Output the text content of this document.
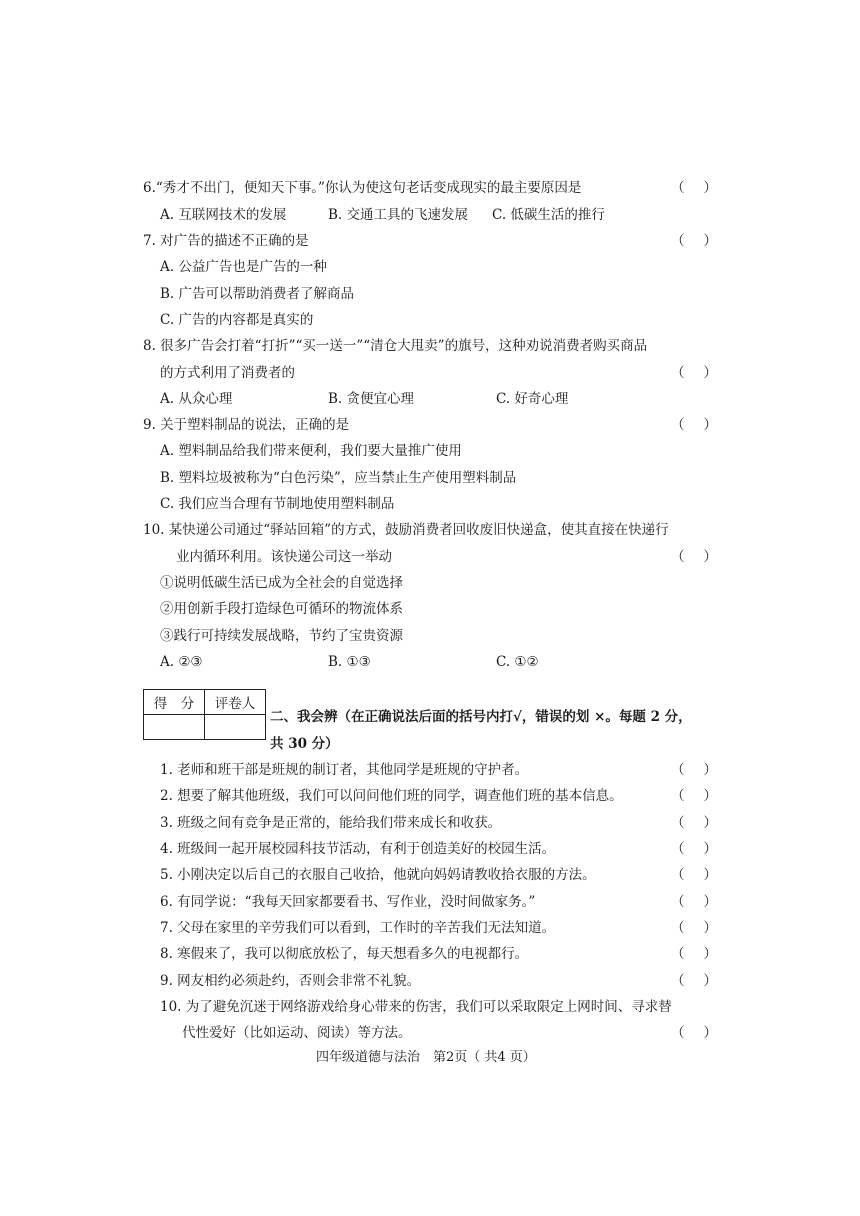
6.“秀才不出门，便知天下事。”你认为使这句老话变成现实的最主要原因是	（ ）
A. 互联网技术的发展	B. 交通工具的飞速发展 C. 低碳生活的推行
7. 对广告的描述不正确的是	（ ）
A. 公益广告也是广告的一种
B. 广告可以帮助消费者了解商品
C. 广告的内容都是真实的
8. 很多广告会打着“打折”“买一送一”“清仓大甩卖”的旗号，这种劝说消费者购买商品
的方式利用了消费者的	（ ）
A. 从众心理	B. 贪便宜心理	C. 好奇心理
9. 关于塑料制品的说法，正确的是	（ ）
A. 塑料制品给我们带来便利，我们要大量推广使用
B. 塑料垃圾被称为“白色污染”，应当禁止生产使用塑料制品
C. 我们应当合理有节制地使用塑料制品
10. 某快递公司通过“驿站回箱”的方式，鼓励消费者回收废旧快递盒，使其直接在快递行
业内循环利用。该快递公司这一举动	（ ）
①说明低碳生活已成为全社会的自觉选择
②用创新手段打造绿色可循环的物流体系
③践行可持续发展战略，节约了宝贵资源
A. ②③	B. ①③	C. ①②
得　分	评卷人

二、我会辨（在正确说法后面的括号内打√，错误的划 ×。每题 2 分，
共 30 分）
1. 老师和班干部是班规的制订者，其他同学是班规的守护者。	（ ）
2. 想要了解其他班级，我们可以问问他们班的同学，调查他们班的基本信息。	（ ）
3. 班级之间有竞争是正常的，能给我们带来成长和收获。	（ ）
4. 班级间一起开展校园科技节活动，有利于创造美好的校园生活。	（ ）
5. 小刚决定以后自己的衣服自己收拾，他就向妈妈请教收拾衣服的方法。	（ ）
6. 有同学说：“我每天回家都要看书、写作业，没时间做家务。”	（ ）
7. 父母在家里的辛劳我们可以看到，工作时的辛苦我们无法知道。	（ ）
8. 寒假来了，我可以彻底放松了，每天想看多久的电视都行。	（ ）
9. 网友相约必须赴约，否则会非常不礼貌。	（ ）
10. 为了避免沉迷于网络游戏给身心带来的伤害，我们可以采取限定上网时间、寻求替
代性爱好（比如运动、阅读）等方法。	（ ）
四年级道德与法治　第2页（ 共4 页）
